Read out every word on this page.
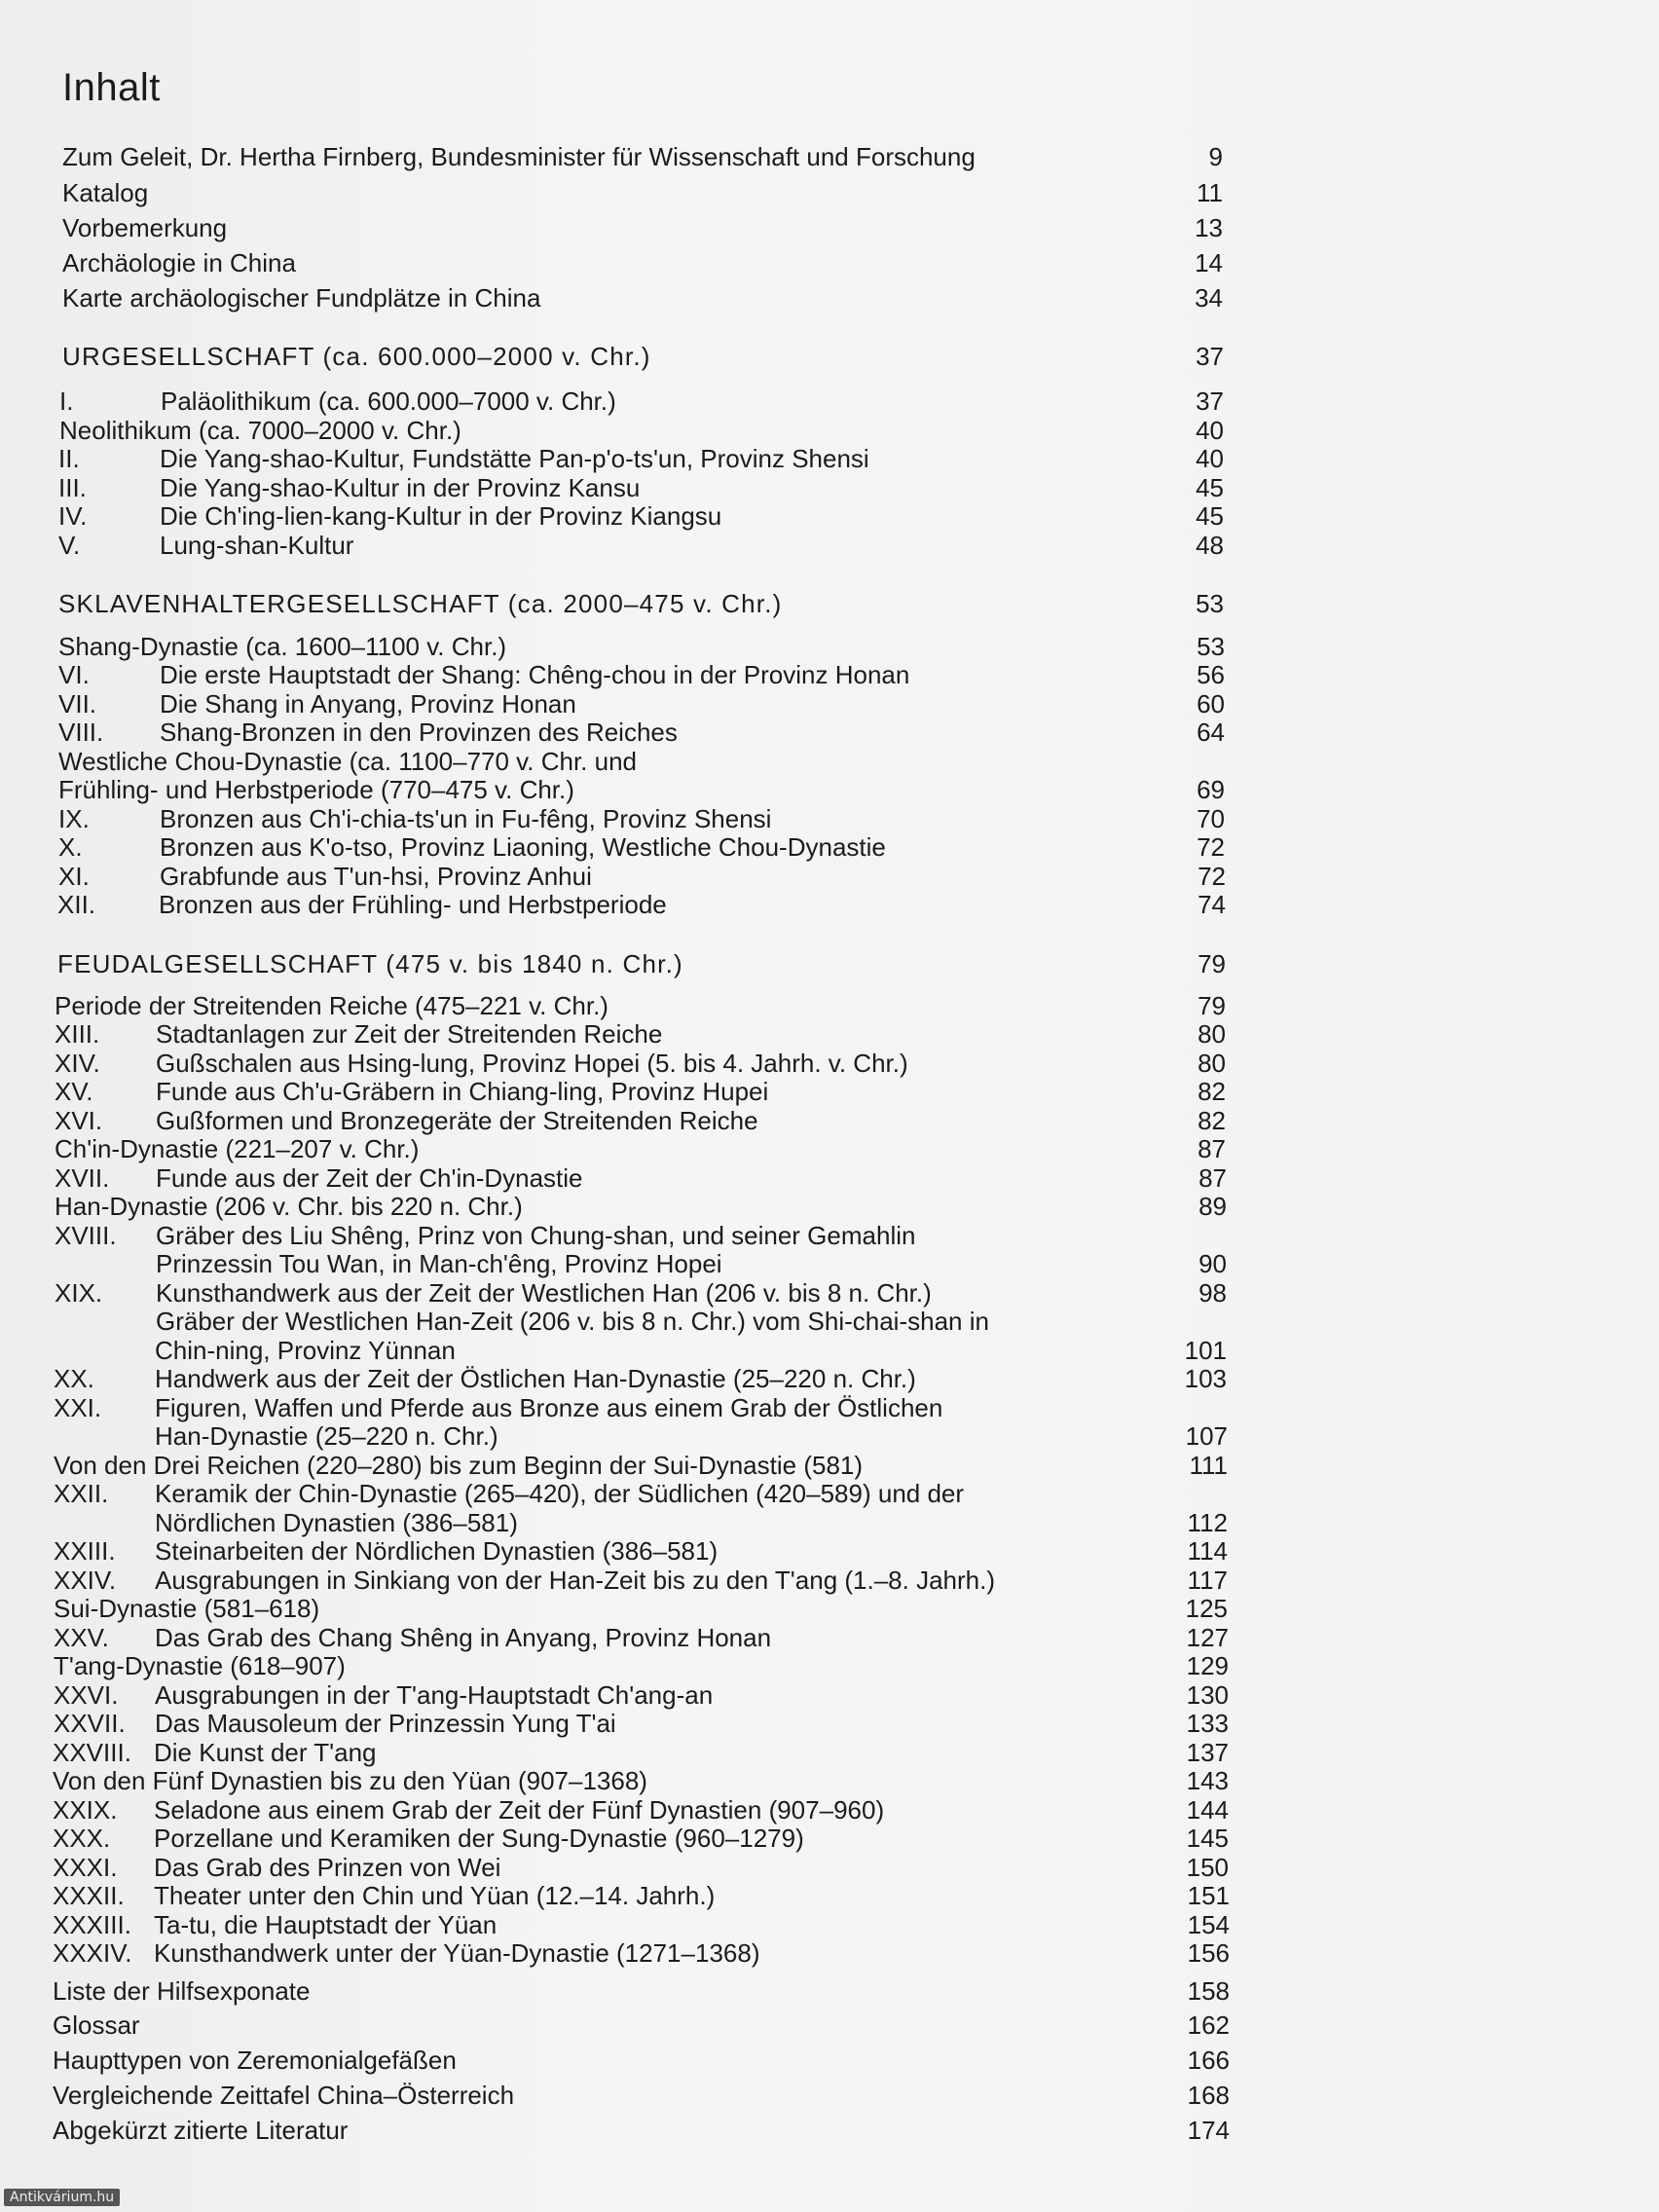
Inhalt
Zum Geleit, Dr. Hertha Firnberg, Bundesminister für Wissenschaft und Forschung	9
Katalog	11
Vorbemerkung	13
Archäologie in China	14
Karte archäologischer Fundplätze in China	34
URGESELLSCHAFT (ca. 600.000–2000 v. Chr.)	37
I.	Paläolithikum (ca. 600.000–7000 v. Chr.)	37
Neolithikum (ca. 7000–2000 v. Chr.)	40
II.	Die Yang-shao-Kultur, Fundstätte Pan-p'o-ts'un, Provinz Shensi	40
III.	Die Yang-shao-Kultur in der Provinz Kansu	45
IV.	Die Ch'ing-lien-kang-Kultur in der Provinz Kiangsu	45
V.	Lung-shan-Kultur	48
SKLAVENHALTERGESELLSCHAFT (ca. 2000–475 v. Chr.)	53
Shang-Dynastie (ca. 1600–1100 v. Chr.)	53
VI.	Die erste Hauptstadt der Shang: Chêng-chou in der Provinz Honan	56
VII. Die Shang in Anyang, Provinz Honan	60
VIII. Shang-Bronzen in den Provinzen des Reiches	64
Westliche Chou-Dynastie (ca. 1100–770 v. Chr. und
Frühling- und Herbstperiode (770–475 v. Chr.)	69
IX.	Bronzen aus Ch'i-chia-ts'un in Fu-fêng, Provinz Shensi	70
X.	Bronzen aus K'o-tso, Provinz Liaoning, Westliche Chou-Dynastie	72
XI.	Grabfunde aus T'un-hsi, Provinz Anhui	72
XII. Bronzen aus der Frühling- und Herbstperiode	74
FEUDALGESELLSCHAFT (475 v. bis 1840 n. Chr.)	79
Periode der Streitenden Reiche (475–221 v. Chr.)	79
XIII. Stadtanlagen zur Zeit der Streitenden Reiche	80
XIV. Gußschalen aus Hsing-lung, Provinz Hopei (5. bis 4. Jahrh. v. Chr.)	80
XV. Funde aus Ch'u-Gräbern in Chiang-ling, Provinz Hupei	82
XVI. Gußformen und Bronzegeräte der Streitenden Reiche	82
Ch'in-Dynastie (221–207 v. Chr.)	87
XVII. Funde aus der Zeit der Ch'in-Dynastie	87
Han-Dynastie (206 v. Chr. bis 220 n. Chr.)	89
XVIII. Gräber des Liu Shêng, Prinz von Chung-shan, und seiner Gemahlin
Prinzessin Tou Wan, in Man-ch'êng, Provinz Hopei	90
XIX. Kunsthandwerk aus der Zeit der Westlichen Han (206 v. bis 8 n. Chr.)	98
Gräber der Westlichen Han-Zeit (206 v. bis 8 n. Chr.) vom Shi-chai-shan in
Chin-ning, Provinz Yünnan	101
XX. Handwerk aus der Zeit der Östlichen Han-Dynastie (25–220 n. Chr.)	103
XXI. Figuren, Waffen und Pferde aus Bronze aus einem Grab der Östlichen
Han-Dynastie (25–220 n. Chr.)	107
Von den Drei Reichen (220–280) bis zum Beginn der Sui-Dynastie (581)	111
XXII. Keramik der Chin-Dynastie (265–420), der Südlichen (420–589) und der
Nördlichen Dynastien (386–581)	112
XXIII. Steinarbeiten der Nördlichen Dynastien (386–581)	114
XXIV. Ausgrabungen in Sinkiang von der Han-Zeit bis zu den T'ang (1.–8. Jahrh.)	117
Sui-Dynastie (581–618)	125
XXV. Das Grab des Chang Shêng in Anyang, Provinz Honan	127
T'ang-Dynastie (618–907)	129
XXVI. Ausgrabungen in der T'ang-Hauptstadt Ch'ang-an	130
XXVII. Das Mausoleum der Prinzessin Yung T'ai	133
XXVIII. Die Kunst der T'ang	137
Von den Fünf Dynastien bis zu den Yüan (907–1368)	143
XXIX. Seladone aus einem Grab der Zeit der Fünf Dynastien (907–960)	144
XXX. Porzellane und Keramiken der Sung-Dynastie (960–1279)	145
XXXI. Das Grab des Prinzen von Wei	150
XXXII. Theater unter den Chin und Yüan (12.–14. Jahrh.)	151
XXXIII. Ta-tu, die Hauptstadt der Yüan	154
XXXIV. Kunsthandwerk unter der Yüan-Dynastie (1271–1368)	156
Liste der Hilfsexponate	158
Glossar	162
Haupttypen von Zeremonialgefäßen	166
Vergleichende Zeittafel China–Österreich	168
Abgekürzt zitierte Literatur	174
Antikvárium.hu
